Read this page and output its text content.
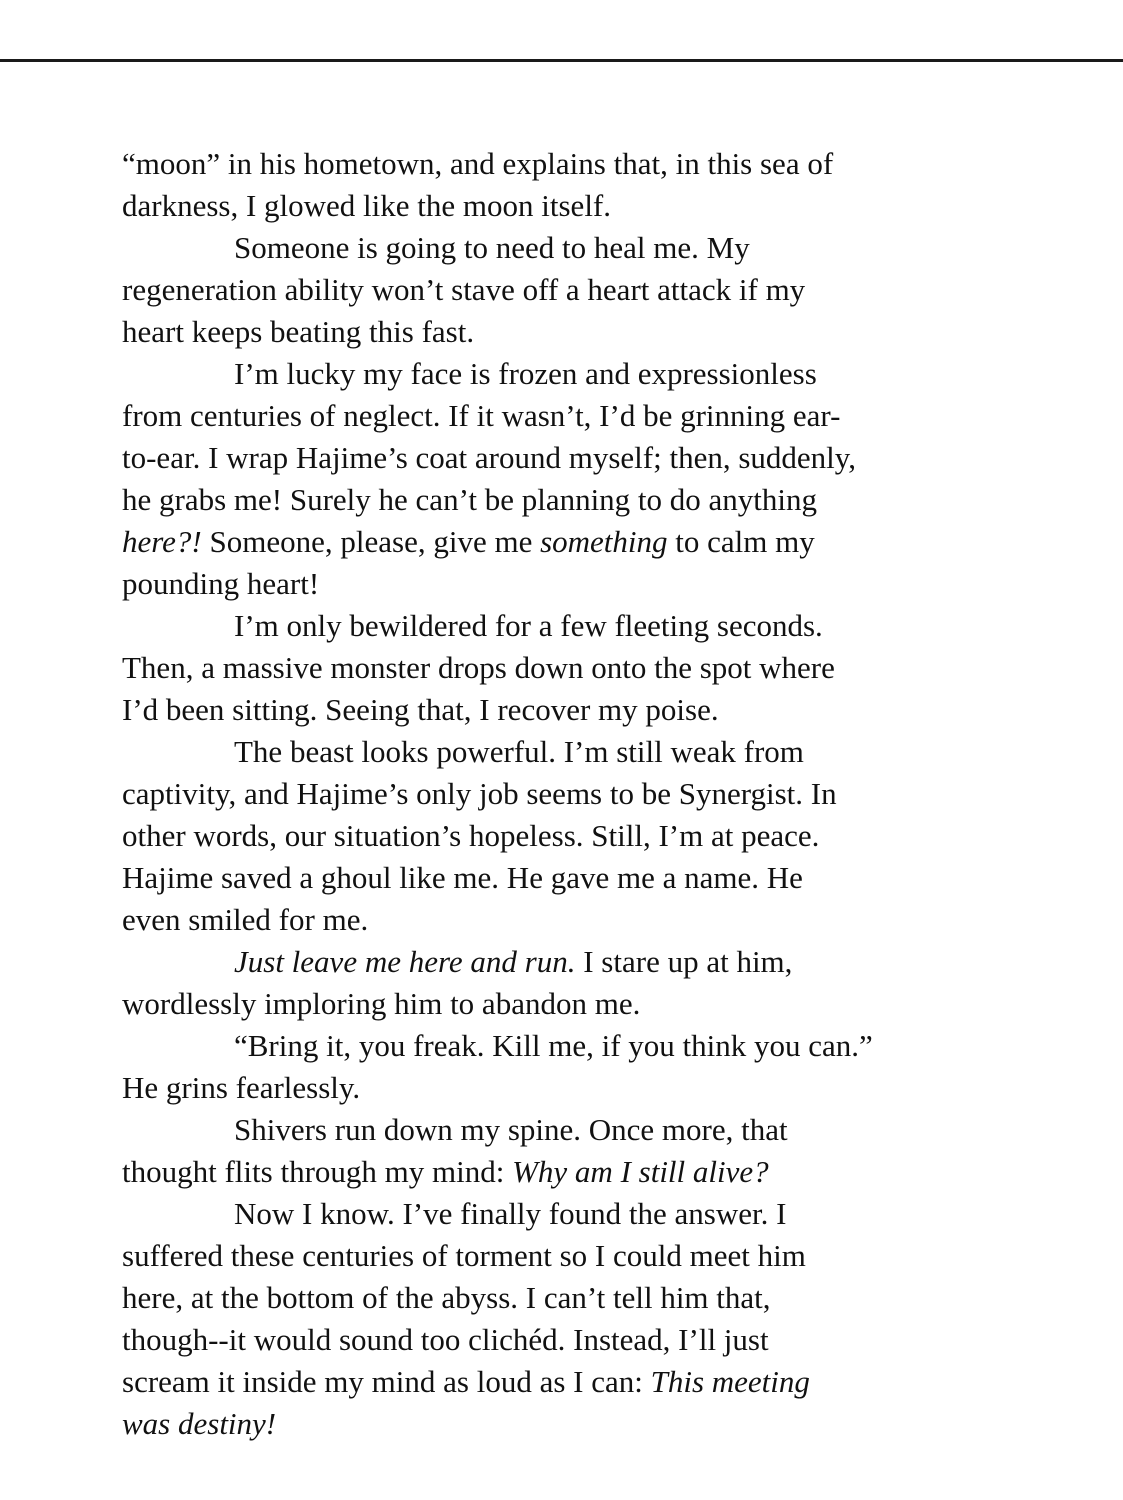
“moon” in his hometown, and explains that, in this sea of
darkness, I glowed like the moon itself.
Someone is going to need to heal me. My
regeneration ability won’t stave off a heart attack if my
heart keeps beating this fast.
I’m lucky my face is frozen and expressionless
from centuries of neglect. If it wasn’t, I’d be grinning ear-
to-ear. I wrap Hajime’s coat around myself; then, suddenly,
he grabs me! Surely he can’t be planning to do anything
here?! Someone, please, give me something to calm my
pounding heart!
I’m only bewildered for a few fleeting seconds.
Then, a massive monster drops down onto the spot where
I’d been sitting. Seeing that, I recover my poise.
The beast looks powerful. I’m still weak from
captivity, and Hajime’s only job seems to be Synergist. In
other words, our situation’s hopeless. Still, I’m at peace.
Hajime saved a ghoul like me. He gave me a name. He
even smiled for me.
Just leave me here and run. I stare up at him,
wordlessly imploring him to abandon me.
“Bring it, you freak. Kill me, if you think you can.”
He grins fearlessly.
Shivers run down my spine. Once more, that
thought flits through my mind: Why am I still alive?
Now I know. I’ve finally found the answer. I
suffered these centuries of torment so I could meet him
here, at the bottom of the abyss. I can’t tell him that,
though--it would sound too clichéd. Instead, I’ll just
scream it inside my mind as loud as I can: This meeting
was destiny!
